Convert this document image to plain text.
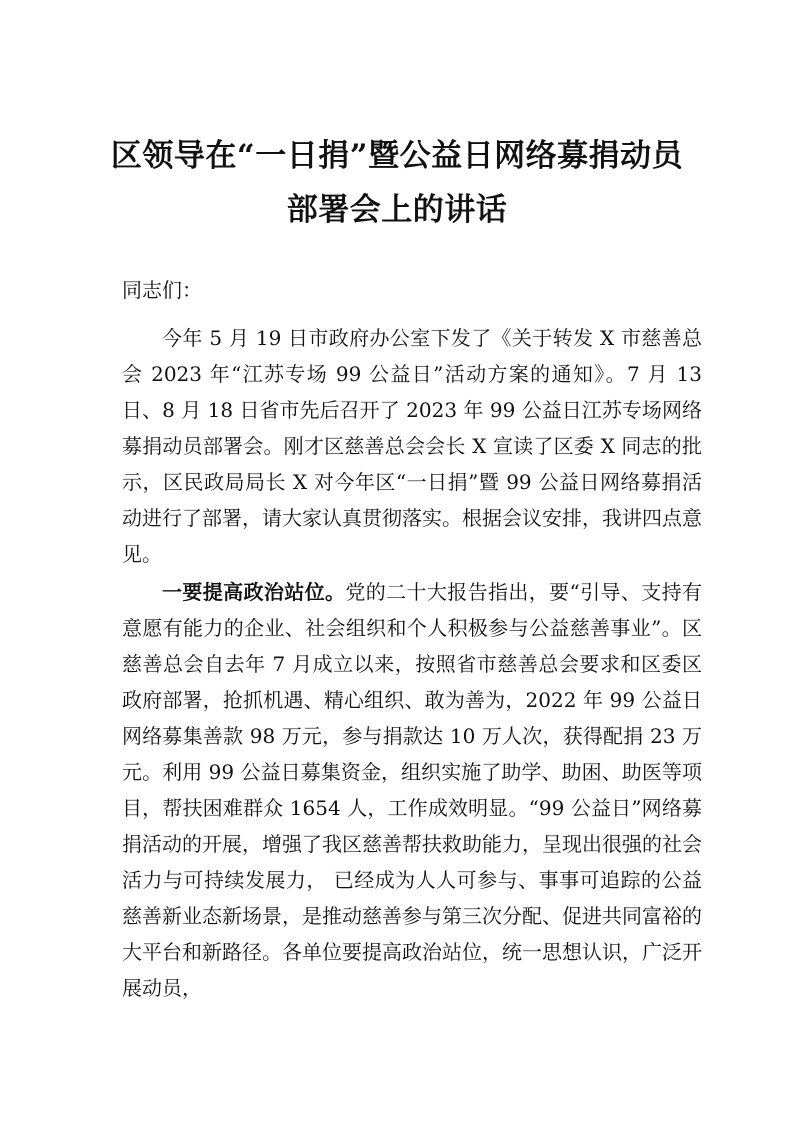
区领导在“一日捐”暨公益日网络募捐动员
部署会上的讲话
同志们：

今年 5 月 19 日市政府办公室下发了《关于转发 X 市慈善总会 2023 年“江苏专场 99 公益日”活动方案的通知》。7 月 13 日、8 月 18 日省市先后召开了 2023 年 99 公益日江苏专场网络募捐动员部署会。刚才区慈善总会会长 X 宣读了区委 X 同志的批示，区民政局局长 X 对今年区“一日捐”暨 99 公益日网络募捐活动进行了部署，请大家认真贯彻落实。根据会议安排，我讲四点意见。

一要提高政治站位。党的二十大报告指出，要“引导、支持有意愿有能力的企业、社会组织和个人积极参与公益慈善事业”。区慈善总会自去年 7 月成立以来，按照省市慈善总会要求和区委区政府部署，抢抓机遇、精心组织、敢为善为，2022 年 99 公益日网络募集善款 98 万元，参与捐款达 10 万人次，获得配捐 23 万元。利用 99 公益日募集资金，组织实施了助学、助困、助医等项目，帮扶困难群众 1654 人，工作成效明显。“99 公益日”网络募捐活动的开展，增强了我区慈善帮扶救助能力，呈现出很强的社会活力与可持续发展力， 已经成为人人可参与、事事可追踪的公益慈善新业态新场景，是推动慈善参与第三次分配、促进共同富裕的大平台和新路径。各单位要提高政治站位，统一思想认识，广泛开展动员，
